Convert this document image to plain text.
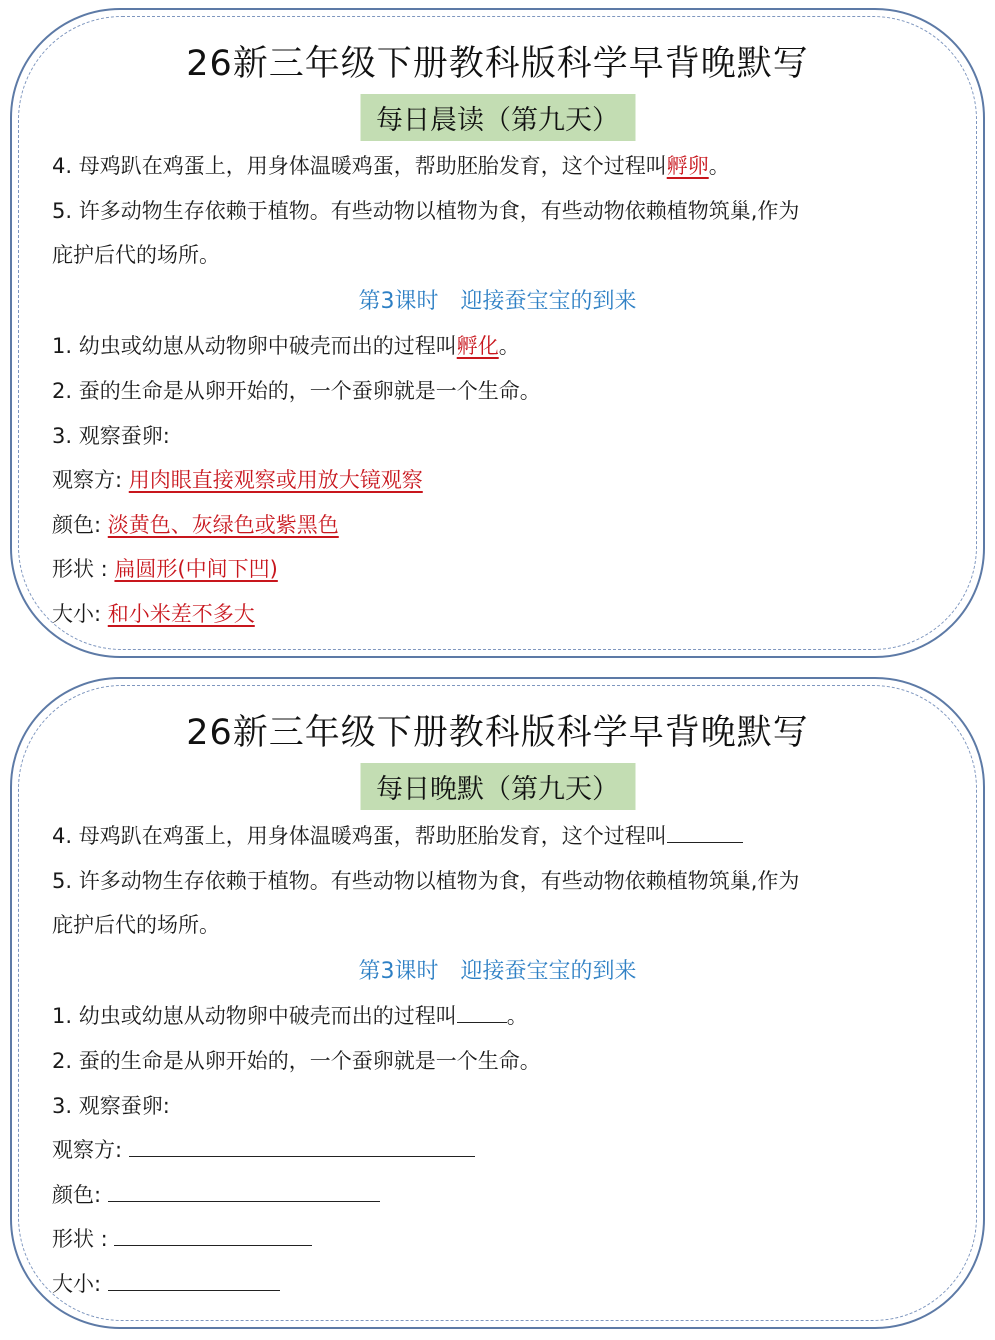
26新三年级下册教科版科学早背晚默写
每日晨读（第九天）
4. 母鸡趴在鸡蛋上，用身体温暖鸡蛋，帮助胚胎发育，这个过程叫孵卵。
5. 许多动物生存依赖于植物。有些动物以植物为食，有些动物依赖植物筑巢,作为
庇护后代的场所。
第3课时　迎接蚕宝宝的到来
1. 幼虫或幼崽从动物卵中破壳而出的过程叫孵化。
2. 蚕的生命是从卵开始的，一个蚕卵就是一个生命。
3. 观察蚕卵:
观察方: 用肉眼直接观察或用放大镜观察
颜色: 淡黄色、灰绿色或紫黑色
形状 : 扁圆形(中间下凹)
大小: 和小米差不多大
26新三年级下册教科版科学早背晚默写
每日晚默（第九天）
4. 母鸡趴在鸡蛋上，用身体温暖鸡蛋，帮助胚胎发育，这个过程叫
5. 许多动物生存依赖于植物。有些动物以植物为食，有些动物依赖植物筑巢,作为
庇护后代的场所。
第3课时　迎接蚕宝宝的到来
1. 幼虫或幼崽从动物卵中破壳而出的过程叫 。
2. 蚕的生命是从卵开始的，一个蚕卵就是一个生命。
3. 观察蚕卵:
观察方:
颜色:
形状 :
大小:
